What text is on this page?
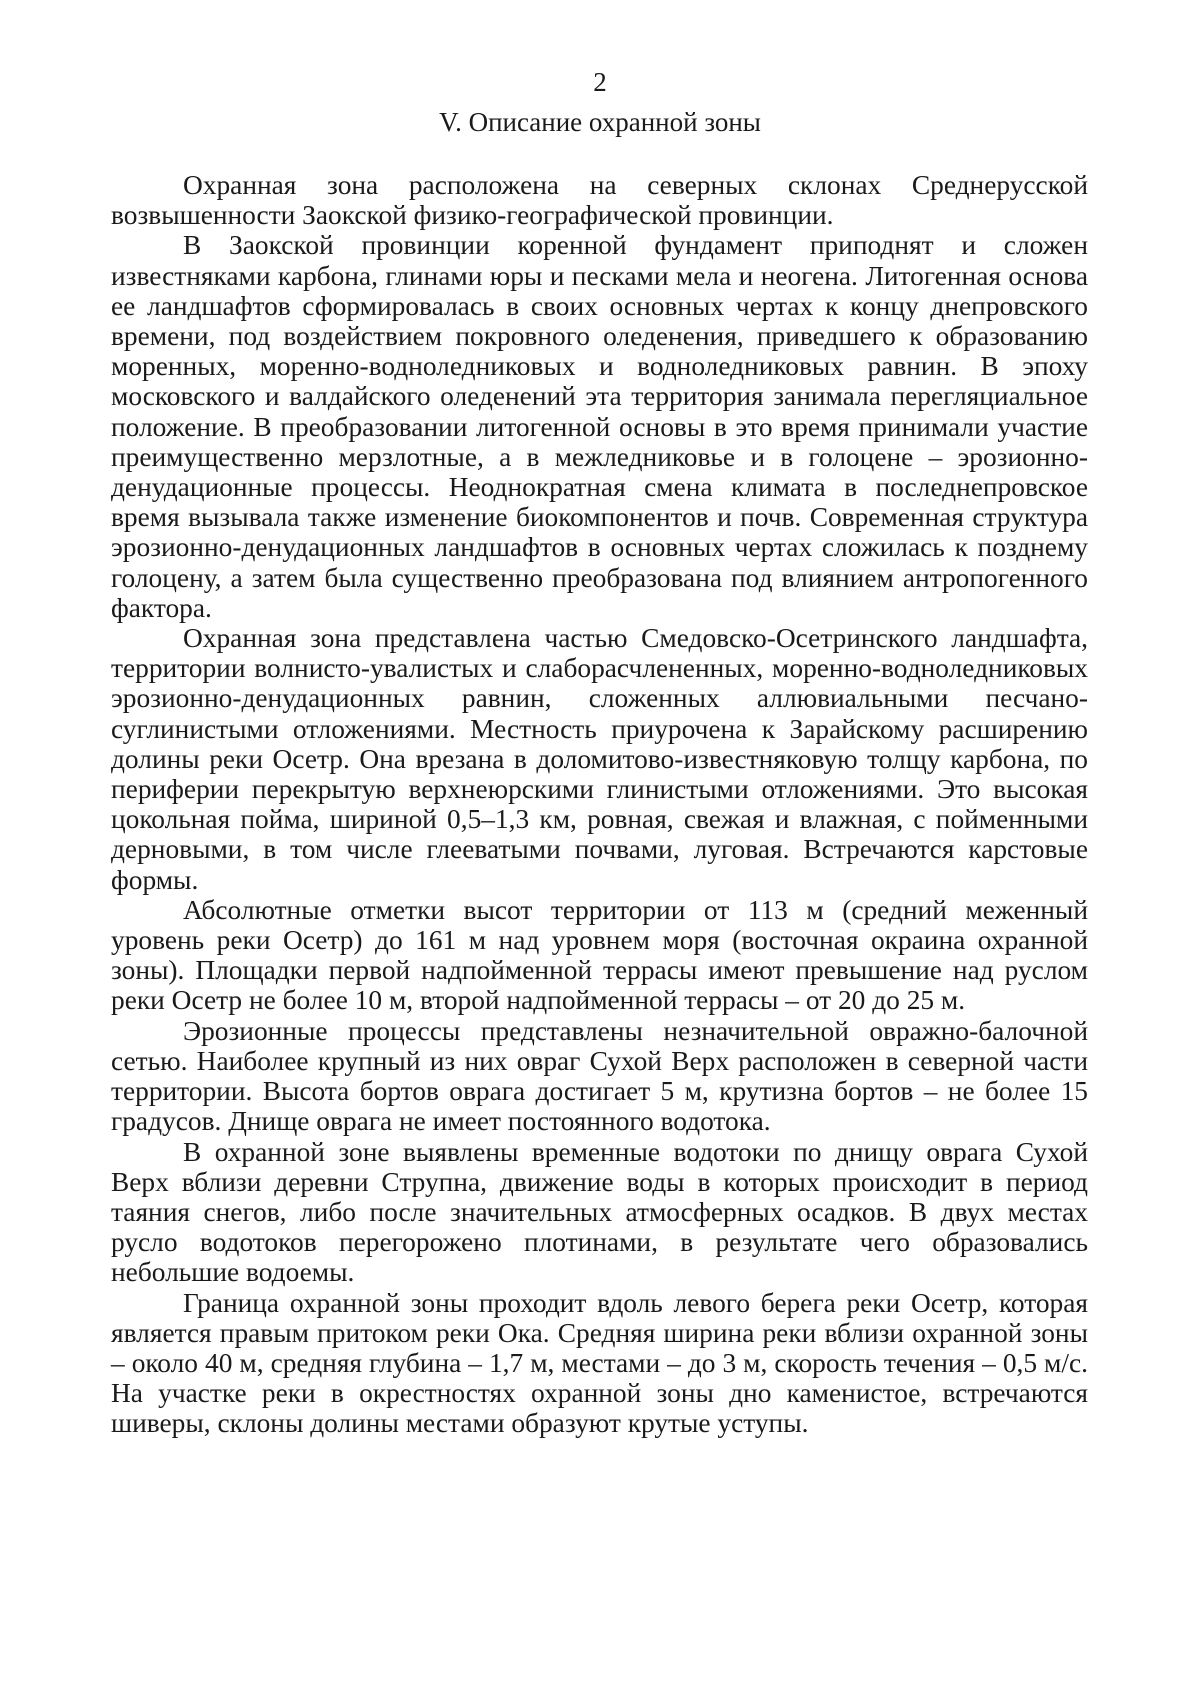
2
V. Описание охранной зоны

Охранная зона расположена на северных склонах Среднерусской возвышенности Заокской физико-географической провинции.

В Заокской провинции коренной фундамент приподнят и сложен известняками карбона, глинами юры и песками мела и неогена. Литогенная основа ее ландшафтов сформировалась в своих основных чертах к концу днепровского времени, под воздействием покровного оледенения, приведшего к образованию моренных, моренно-водноледниковых и водноледниковых равнин. В эпоху московского и валдайского оледенений эта территория занимала перегляциальное положение. В преобразовании литогенной основы в это время принимали участие преимущественно мерзлотные, а в межледниковье и в голоцене – эрозионно-денудационные процессы. Неоднократная смена климата в последнепровское время вызывала также изменение биокомпонентов и почв. Современная структура эрозионно-денудационных ландшафтов в основных чертах сложилась к позднему голоцену, а затем была существенно преобразована под влиянием антропогенного фактора.

Охранная зона представлена частью Смедовско-Осетринского ландшафта, территории волнисто-увалистых и слаборасчлененных, моренно-водноледниковых эрозионно-денудационных равнин, сложенных аллювиальными песчано-суглинистыми отложениями. Местность приурочена к Зарайскому расширению долины реки Осетр. Она врезана в доломитово-известняковую толщу карбона, по периферии перекрытую верхнеюрскими глинистыми отложениями. Это высокая цокольная пойма, шириной 0,5–1,3 км, ровная, свежая и влажная, с пойменными дерновыми, в том числе глееватыми почвами, луговая. Встречаются карстовые формы.

Абсолютные отметки высот территории от 113 м (средний меженный уровень реки Осетр) до 161 м над уровнем моря (восточная окраина охранной зоны). Площадки первой надпойменной террасы имеют превышение над руслом реки Осетр не более 10 м, второй надпойменной террасы – от 20 до 25 м.

Эрозионные процессы представлены незначительной овражно-балочной сетью. Наиболее крупный из них овраг Сухой Верх расположен в северной части территории. Высота бортов оврага достигает 5 м, крутизна бортов – не более 15 градусов. Днище оврага не имеет постоянного водотока.

В охранной зоне выявлены временные водотоки по днищу оврага Сухой Верх вблизи деревни Струпна, движение воды в которых происходит в период таяния снегов, либо после значительных атмосферных осадков. В двух местах русло водотоков перегорожено плотинами, в результате чего образовались небольшие водоемы.

Граница охранной зоны проходит вдоль левого берега реки Осетр, которая является правым притоком реки Ока. Средняя ширина реки вблизи охранной зоны – около 40 м, средняя глубина – 1,7 м, местами – до 3 м, скорость течения – 0,5 м/с. На участке реки в окрестностях охранной зоны дно каменистое, встречаются шиверы, склоны долины местами образуют крутые уступы.
